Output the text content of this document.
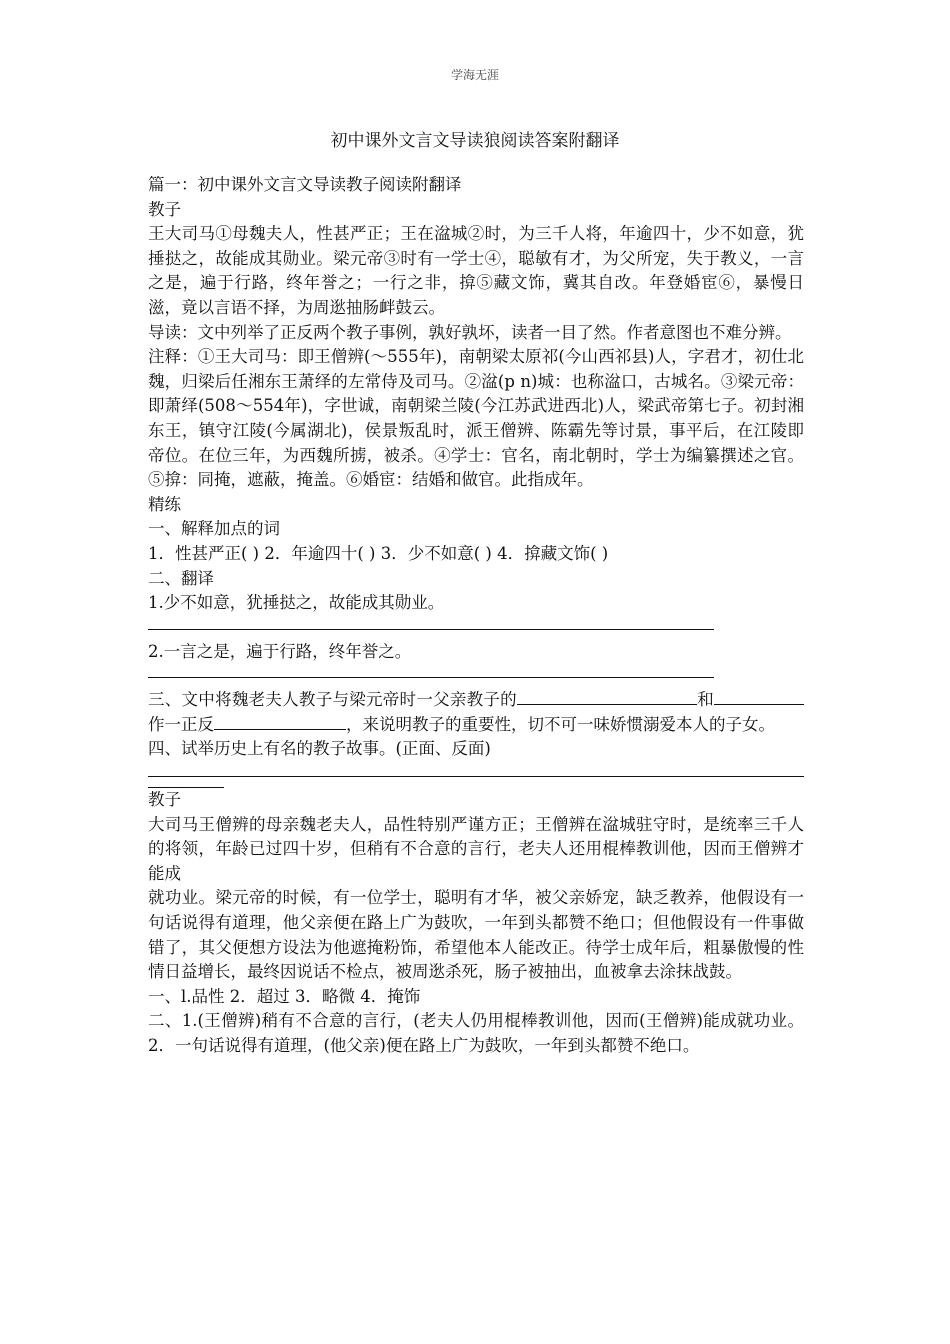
学海无涯
初中课外文言文导读狼阅读答案附翻译

篇一：初中课外文言文导读教子阅读附翻译

教子

王大司马①母魏夫人，性甚严正；王在湓城②时，为三千人将，年逾四十，少不如意，犹捶挞之，故能成其勋业。梁元帝③时有一学士④，聪敏有才，为父所宠，失于教义，一言之是，遍于行路，终年誉之；一行之非，揜⑤藏文饰，冀其自改。年登婚宦⑥，暴慢日滋，竟以言语不择，为周逖抽肠衅鼓云。

导读：文中列举了正反两个教子事例，孰好孰坏，读者一目了然。作者意图也不难分辨。

注释：①王大司马：即王僧辨(～555年)，南朝梁太原祁(今山西祁县)人，字君才，初仕北魏，归梁后任湘东王萧绎的左常侍及司马。②湓(p n)城：也称湓口，古城名。③梁元帝：即萧绎(508～554年)，字世诚，南朝梁兰陵(今江苏武进西北)人，梁武帝第七子。初封湘东王，镇守江陵(今属湖北)，侯景叛乱时，派王僧辨、陈霸先等讨景，事平后，在江陵即帝位。在位三年，为西魏所掳，被杀。④学士：官名，南北朝时，学士为编纂撰述之官。⑤揜：同掩，遮蔽，掩盖。⑥婚宦：结婚和做官。此指成年。

精练

一、解释加点的词

1．性甚严正( ) 2．年逾四十( ) 3．少不如意( ) 4．揜藏文饰( )

二、翻译

1.少不如意，犹捶挞之，故能成其勋业。

2.一言之是，遍于行路，终年誉之。

三、文中将魏老夫人教子与梁元帝时一父亲教子的	和作一正反	，来说明教子的重要性，切不可一味娇惯溺爱本人的子女。

四、试举历史上有名的教子故事。(正面、反面)

教子

大司马王僧辨的母亲魏老夫人，品性特别严谨方正；王僧辨在湓城驻守时，是统率三千人的将领，年龄已过四十岁，但稍有不合意的言行，老夫人还用棍棒教训他，因而王僧辨才能成

就功业。梁元帝的时候，有一位学士，聪明有才华，被父亲娇宠，缺乏教养，他假设有一句话说得有道理，他父亲便在路上广为鼓吹，一年到头都赞不绝口；但他假设有一件事做错了，其父便想方设法为他遮掩粉饰，希望他本人能改正。待学士成年后，粗暴傲慢的性情日益增长，最终因说话不检点，被周逖杀死，肠子被抽出，血被拿去涂抹战鼓。

一、l.品性 2．超过 3．略微 4．掩饰

二、1.(王僧辨)稍有不合意的言行，(老夫人仍用棍棒教训他，因而(王僧辨)能成就功业。 2．一句话说得有道理，(他父亲)便在路上广为鼓吹，一年到头都赞不绝口。
